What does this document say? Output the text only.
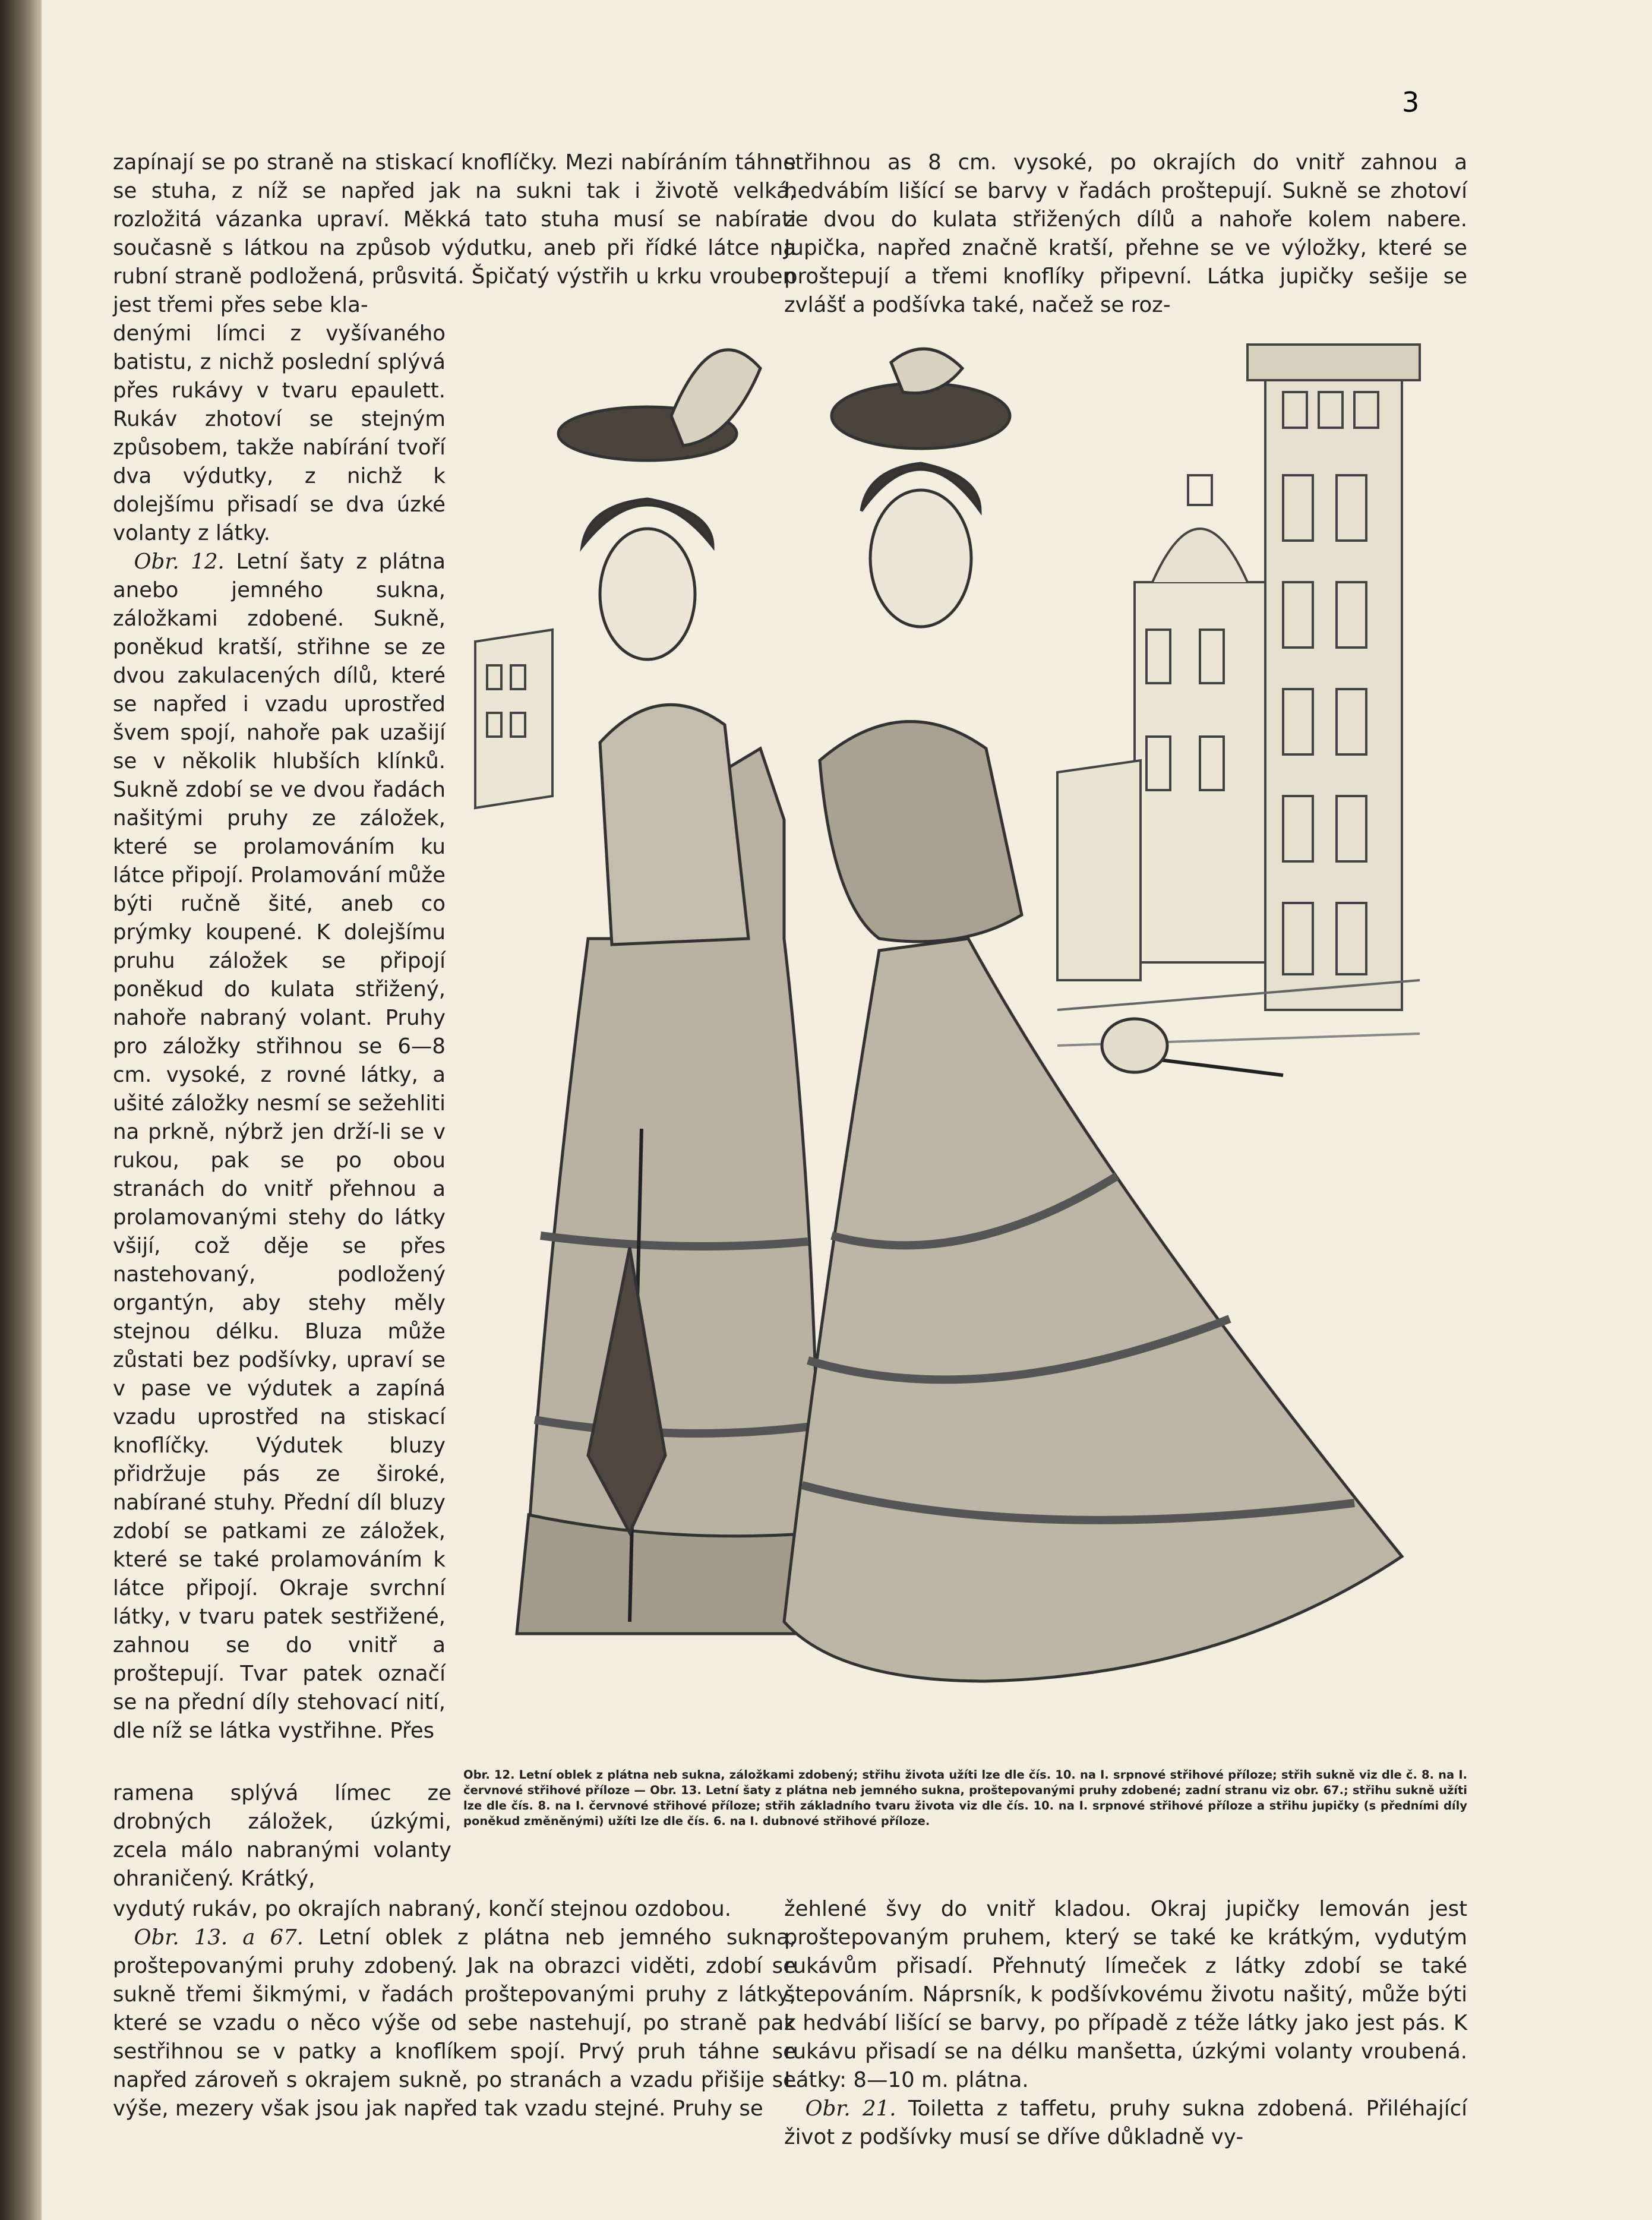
3

zapínají se po straně na stiskací knoflíčky. Mezi nabíráním táhne se stuha, z níž se napřed jak na sukni tak i životě velká, rozložitá vázanka upraví. Měkká tato stuha musí se nabírati současně s látkou na způsob výdutku, aneb při řídké látce na rubní straně podložená, průsvitá. Špičatý výstřih u krku vrouben jest třemi přes sebe kla-

denými límci z vyšívaného batistu, z nichž poslední splývá přes rukávy v tvaru epaulett. Rukáv zhotoví se stejným způsobem, takže nabírání tvoří dva výdutky, z nichž k dolejšímu přisadí se dva úzké volanty z látky.
 Obr. 12. Letní šaty z plátna anebo jemného sukna, záložkami zdobené. Sukně, poněkud kratší, střihne se ze dvou zakulacených dílů, které se napřed i vzadu uprostřed švem spojí, nahoře pak uzašijí se v několik hlubších klínků. Sukně zdobí se ve dvou řadách našitými pruhy ze záložek, které se prolamováním ku látce připojí. Prolamování může býti ručně šité, aneb co prýmky koupené. K dolejšímu pruhu záložek se připojí poněkud do kulata střižený, nahoře nabraný volant. Pruhy pro záložky střihnou se 6—8 cm. vysoké, z rovné látky, a ušité záložky nesmí se sežehliti na prkně, nýbrž jen drží-li se v rukou, pak se po obou stranách do vnitř přehnou a prolamovanými stehy do látky všijí, což děje se přes nastehovaný, podložený organtýn, aby stehy měly stejnou délku. Bluza může zůstati bez podšívky, upraví se v pase ve výdutek a zapíná vzadu uprostřed na stiskací knoflíčky. Výdutek bluzy přidržuje pás ze široké, nabírané stuhy. Přední díl bluzy zdobí se patkami ze záložek, které se také prolamováním k látce připojí. Okraje svrchní látky, v tvaru patek sestřižené, zahnou se do vnitř a proštepují. Tvar patek označí se na přední díly stehovací nití, dle níž se látka vystřihne. Přes

ramena splývá límec ze drobných záložek, úzkými, zcela málo nabranými volanty ohraničený. Krátký,

vydutý rukáv, po okrajích nabraný, končí stejnou ozdobou.
 Obr. 13. a 67. Letní oblek z plátna neb jemného sukna, proštepovanými pruhy zdobený. Jak na obrazci viděti, zdobí se sukně třemi šikmými, v řadách proštepovanými pruhy z látky, které se vzadu o něco výše od sebe nastehují, po straně pak sestřihnou se v patky a knoflíkem spojí. Prvý pruh táhne se napřed zároveň s okrajem sukně, po stranách a vzadu přišije se výše, mezery však jsou jak napřed tak vzadu stejné. Pruhy se

střihnou as 8 cm. vysoké, po okrajích do vnitř zahnou a hedvábím lišící se barvy v řadách proštepují. Sukně se zhotoví ze dvou do kulata střižených dílů a nahoře kolem nabere. Jupička, napřed značně kratší, přehne se ve výložky, které se proštepují a třemi knoflíky připevní. Látka jupičky sešije se zvlášť a podšívka také, načež se roz-

žehlené švy do vnitř kladou. Okraj jupičky lemován jest proštepovaným pruhem, který se také ke krátkým, vydutým rukávům přisadí. Přehnutý límeček z látky zdobí se také štepováním. Náprsník, k podšívkovému životu našitý, může býti z hedvábí lišící se barvy, po případě z téže látky jako jest pás. K rukávu přisadí se na délku manšetta, úzkými volanty vroubená. Látky: 8—10 m. plátna.
 Obr. 21. Toiletta z taffetu, pruhy sukna zdobená. Přiléhající život z podšívky musí se dříve důkladně vy-

Obr. 12. Letní oblek z plátna neb sukna, záložkami zdobený; střihu života užíti lze dle čís. 10. na I. srpnové střihové příloze; střih sukně viz dle č. 8. na I. červnové střihové příloze — Obr. 13. Letní šaty z plátna neb jemného sukna, proštepovanými pruhy zdobené; zadní stranu viz obr. 67.; střihu sukně užíti lze dle čís. 8. na I. červnové střihové příloze; střih základního tvaru života viz dle čís. 10. na I. srpnové střihové příloze a střihu jupičky (s předními díly poněkud změněnými) užíti lze dle čís. 6. na I. dubnové střihové příloze.
